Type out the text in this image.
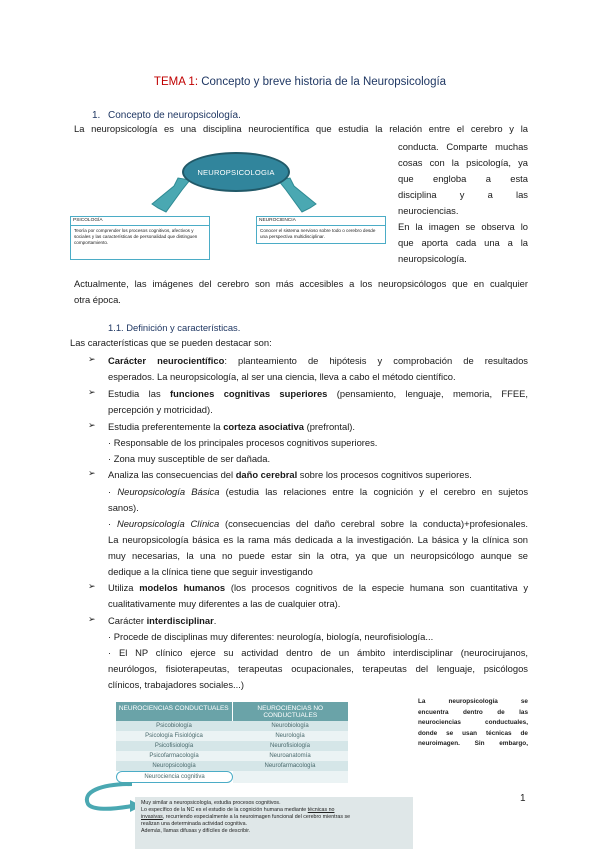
TEMA 1: Concepto y breve historia de la Neuropsicología
1. Concepto de neuropsicología.
La neuropsicología es una disciplina neurocientífica que estudia la relación entre el cerebro y la
conducta. Comparte muchas
cosas con la psicología, ya
que engloba a esta
disciplina y a las
neurociencias.
En la imagen se observa lo
que aporta cada una a la
neuropsicología.
NEUROPSICOLOGIA
PSICOLOGÍA
Teoría por comprender los procesos cognitivos, afectivos y sociales y las características de personalidad que distinguen comportamiento.
NEUROCIENCIA
Conocer el sistema nervioso sobre todo o cerebro desde una perspectiva multidisciplinar.
Actualmente, las imágenes del cerebro son más accesibles a los neuropsicólogos que en cualquier
otra época.
1.1. Definición y características.
Las características que se pueden destacar son:
➢ Carácter neurocientífico: planteamiento de hipótesis y comprobación de resultados
esperados. La neuropsicología, al ser una ciencia, lleva a cabo el método científico.
➢ Estudia las funciones cognitivas superiores (pensamiento, lenguaje, memoria, FFEE,
percepción y motricidad).
➢ Estudia preferentemente la corteza asociativa (prefrontal).
· Responsable de los principales procesos cognitivos superiores.
· Zona muy susceptible de ser dañada.
➢ Analiza las consecuencias del daño cerebral sobre los procesos cognitivos superiores.
· Neuropsicología Básica (estudia las relaciones entre la cognición y el cerebro en sujetos
sanos).
· Neuropsicología Clínica (consecuencias del daño cerebral sobre la conducta)+profesionales.
La neuropsicología básica es la rama más dedicada a la investigación. La básica y la clínica son
muy necesarias, la una no puede estar sin la otra, ya que un neuropsicólogo aunque se
dedique a la clínica tiene que seguir investigando
➢ Utiliza modelos humanos (los procesos cognitivos de la especie humana son cuantitativa y
cualitativamente muy diferentes a las de cualquier otra).
➢ Carácter interdisciplinar.
· Procede de disciplinas muy diferentes: neurología, biología, neurofisiología...
· El NP clínico ejerce su actividad dentro de un ámbito interdisciplinar (neurocirujanos,
neurólogos, fisioterapeutas, terapeutas ocupacionales, terapeutas del lenguaje, psicólogos
clínicos, trabajadores sociales...)
NEUROCIENCIAS CONDUCTUALES	NEUROCIENCIAS NO CONDUCTUALES
Psicobiología	Neurobiología
Psicología Fisiológica	Neurología
Psicofisiología	Neurofisiología
Psicofarmacología	Neuroanatomía
Neuropsicología	Neurofarmacología
Neurociencia cognitiva
La neuropsicología se
encuentra dentro de las
neurociencias conductuales,
donde se usan técnicas de
neuroimagen. Sin embargo,
Muy similar a neuropsicología, estudia procesos cognitivos.
Lo específico de la NC es el estudio de la cognición humana mediante técnicas no
invasivas, recurriendo especialmente a la neuroimagen funcional del cerebro mientras se
realizan una determinada actividad cognitiva.
Además, llamas difusas y difíciles de describir.
1
